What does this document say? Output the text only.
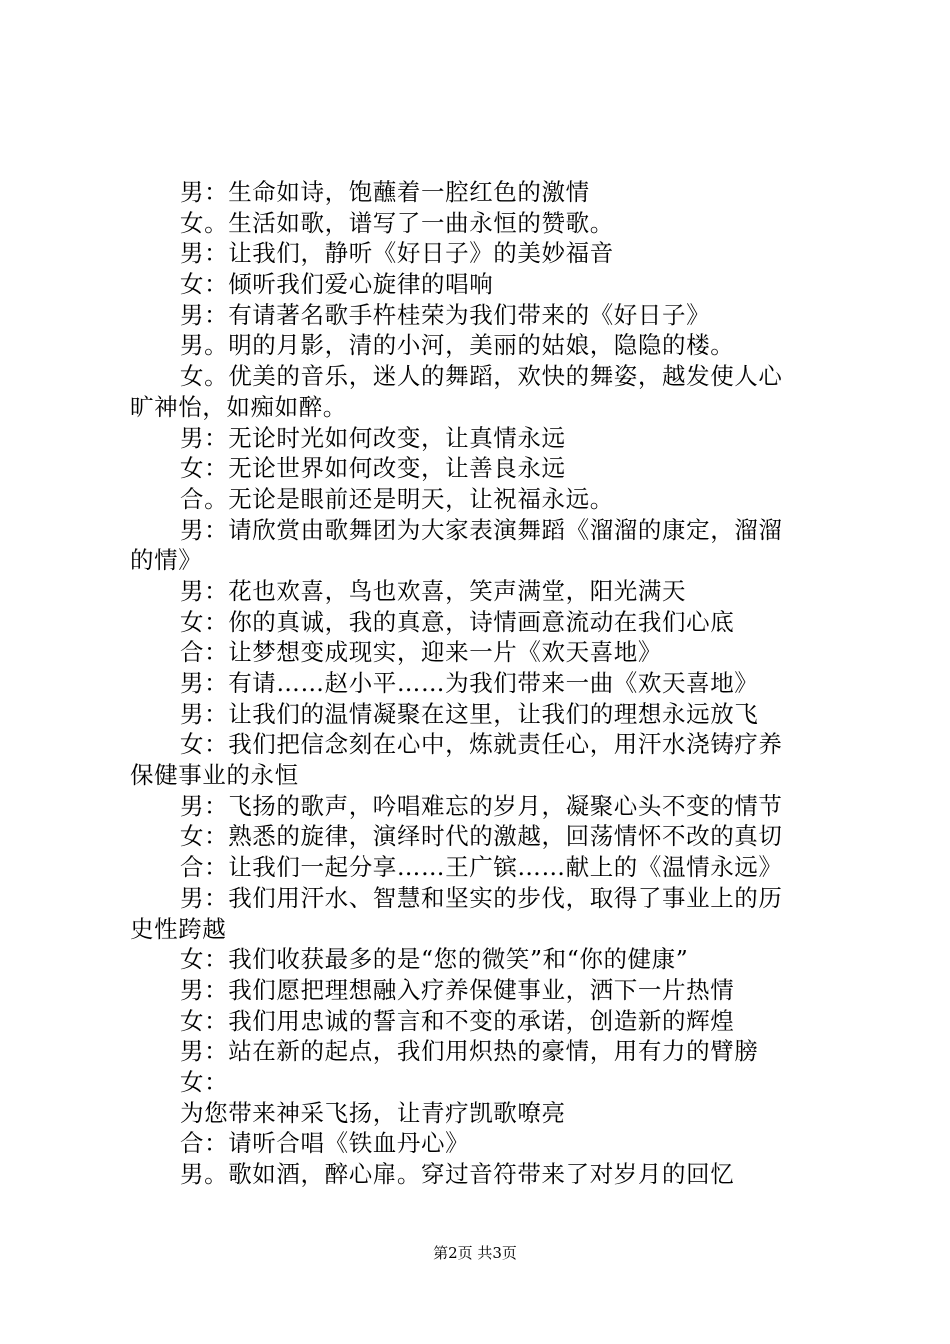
男：生命如诗，饱蘸着一腔红色的激情
女。生活如歌，谱写了一曲永恒的赞歌。
男：让我们，静听《好日子》的美妙福音
女：倾听我们爱心旋律的唱响
男：有请著名歌手杵桂荣为我们带来的《好日子》
男。明的月影，清的小河，美丽的姑娘，隐隐的楼。
女。优美的音乐，迷人的舞蹈，欢快的舞姿，越发使人心
旷神怡，如痴如醉。
男：无论时光如何改变，让真情永远
女：无论世界如何改变，让善良永远
合。无论是眼前还是明天，让祝福永远。
男：请欣赏由歌舞团为大家表演舞蹈《溜溜的康定，溜溜
的情》
男：花也欢喜，鸟也欢喜，笑声满堂，阳光满天
女：你的真诚，我的真意，诗情画意流动在我们心底
合：让梦想变成现实，迎来一片《欢天喜地》
男：有请……赵小平……为我们带来一曲《欢天喜地》
男：让我们的温情凝聚在这里，让我们的理想永远放飞
女：我们把信念刻在心中，炼就责任心，用汗水浇铸疗养
保健事业的永恒
男：飞扬的歌声，吟唱难忘的岁月，凝聚心头不变的情节
女：熟悉的旋律，演绎时代的激越，回荡情怀不改的真切
合：让我们一起分享……王广镔……献上的《温情永远》
男：我们用汗水、智慧和坚实的步伐，取得了事业上的历
史性跨越
女：我们收获最多的是“您的微笑”和“你的健康”
男：我们愿把理想融入疗养保健事业，洒下一片热情
女：我们用忠诚的誓言和不变的承诺，创造新的辉煌
男：站在新的起点，我们用炽热的豪情，用有力的臂膀
女：
为您带来神采飞扬，让青疗凯歌嘹亮
合：请听合唱《铁血丹心》
男。歌如酒，醉心扉。穿过音符带来了对岁月的回忆
第2页 共3页
